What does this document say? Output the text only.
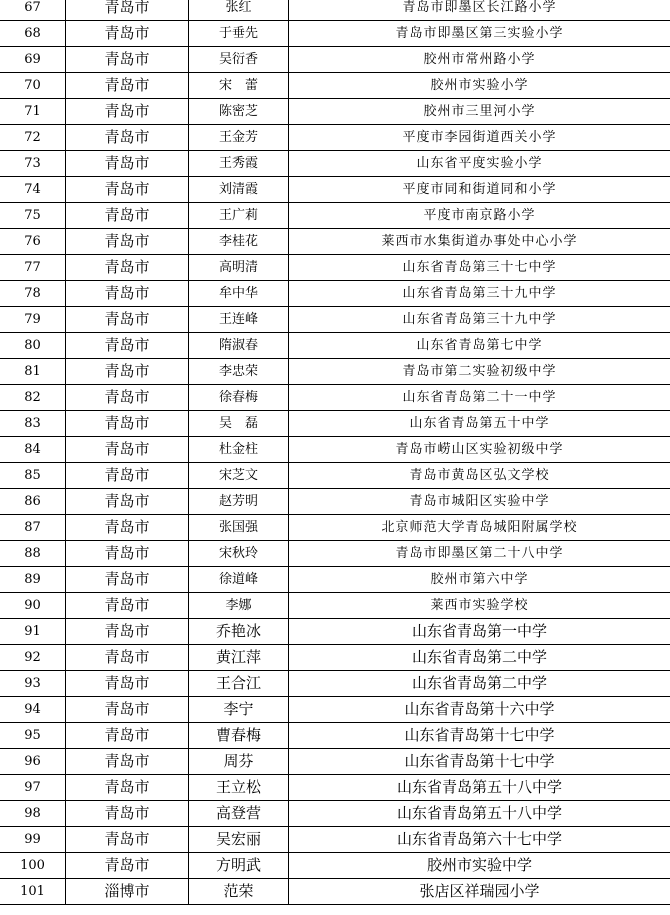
67	青岛市	张红	青岛市即墨区长江路小学
68	青岛市	于垂先	青岛市即墨区第三实验小学
69	青岛市	吴衍香	胶州市常州路小学
70	青岛市	宋　蕾	胶州市实验小学
71	青岛市	陈密芝	胶州市三里河小学
72	青岛市	王金芳	平度市李园街道西关小学
73	青岛市	王秀霞	山东省平度实验小学
74	青岛市	刘清霞	平度市同和街道同和小学
75	青岛市	王广莉	平度市南京路小学
76	青岛市	李桂花	莱西市水集街道办事处中心小学
77	青岛市	高明清	山东省青岛第三十七中学
78	青岛市	牟中华	山东省青岛第三十九中学
79	青岛市	王连峰	山东省青岛第三十九中学
80	青岛市	隋淑春	山东省青岛第七中学
81	青岛市	李忠荣	青岛市第二实验初级中学
82	青岛市	徐春梅	山东省青岛第二十一中学
83	青岛市	吴　磊	山东省青岛第五十中学
84	青岛市	杜金柱	青岛市崂山区实验初级中学
85	青岛市	宋芝文	青岛市黄岛区弘文学校
86	青岛市	赵芳明	青岛市城阳区实验中学
87	青岛市	张国强	北京师范大学青岛城阳附属学校
88	青岛市	宋秋玲	青岛市即墨区第二十八中学
89	青岛市	徐道峰	胶州市第六中学
90	青岛市	李娜	莱西市实验学校
91	青岛市	乔艳冰	山东省青岛第一中学
92	青岛市	黄江萍	山东省青岛第二中学
93	青岛市	王合江	山东省青岛第二中学
94	青岛市	李宁	山东省青岛第十六中学
95	青岛市	曹春梅	山东省青岛第十七中学
96	青岛市	周芬	山东省青岛第十七中学
97	青岛市	王立松	山东省青岛第五十八中学
98	青岛市	高登营	山东省青岛第五十八中学
99	青岛市	吴宏丽	山东省青岛第六十七中学
100	青岛市	方明武	胶州市实验中学
101	淄博市	范荣	张店区祥瑞园小学
